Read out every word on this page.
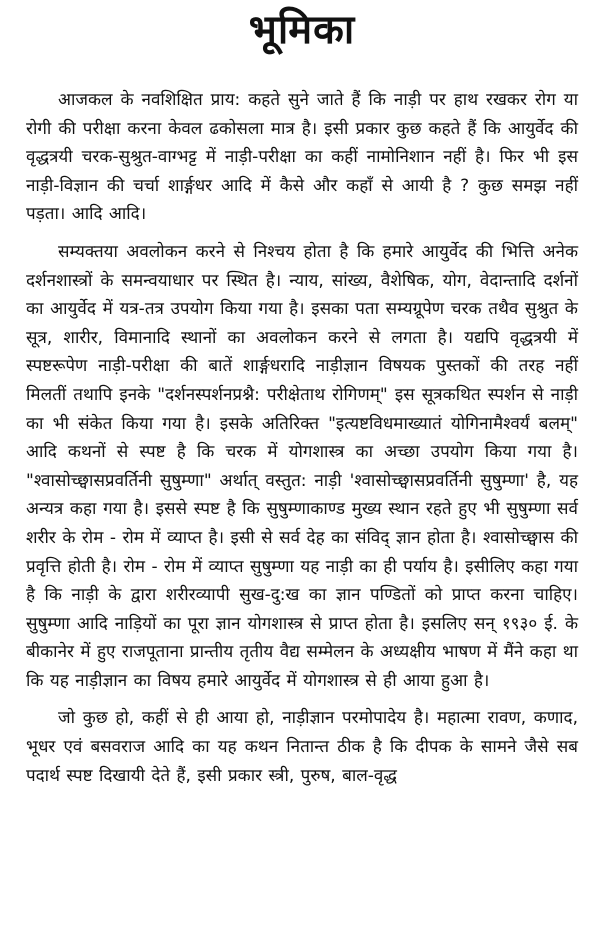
भूमिका

आजकल के नवशिक्षित प्राय: कहते सुने जाते हैं कि नाड़ी पर हाथ रखकर रोग या रोगी की परीक्षा करना केवल ढकोसला मात्र है। इसी प्रकार कुछ कहते हैं कि आयुर्वेद की वृद्धत्रयी चरक-सुश्रुत-वाग्भट्ट में नाड़ी-परीक्षा का कहीं नामोनिशान नहीं है। फिर भी इस नाड़ी-विज्ञान की चर्चा शार्ङ्गधर आदि में कैसे और कहाँ से आयी है ? कुछ समझ नहीं पड़ता। आदि आदि।

सम्यक्तया अवलोकन करने से निश्चय होता है कि हमारे आयुर्वेद की भित्ति अनेक दर्शनशास्त्रों के समन्वयाधार पर स्थित है। न्याय, सांख्य, वैशेषिक, योग, वेदान्तादि दर्शनों का आयुर्वेद में यत्र-तत्र उपयोग किया गया है। इसका पता सम्यग्रूपेण चरक तथैव सुश्रुत के सूत्र, शारीर, विमानादि स्थानों का अवलोकन करने से लगता है। यद्यपि वृद्धत्रयी में स्पष्टरूपेण नाड़ी-परीक्षा की बातें शार्ङ्गधरादि नाड़ीज्ञान विषयक पुस्तकों की तरह नहीं मिलतीं तथापि इनके "दर्शनस्पर्शनप्रश्नै: परीक्षेताथ रोगिणम्" इस सूत्रकथित स्पर्शन से नाड़ी का भी संकेत किया गया है। इसके अतिरिक्त "इत्यष्टविधमाख्यातं योगिनामैश्वर्यं बलम्" आदि कथनों से स्पष्ट है कि चरक में योगशास्त्र का अच्छा उपयोग किया गया है। "श्वासोच्छ्वासप्रवर्तिनी सुषुम्णा" अर्थात् वस्तुत: नाड़ी 'श्वासोच्छ्वासप्रवर्तिनी सुषुम्णा' है, यह अन्यत्र कहा गया है। इससे स्पष्ट है कि सुषुम्णाकाण्ड मुख्य स्थान रहते हुए भी सुषुम्णा सर्व शरीर के रोम - रोम में व्याप्त है। इसी से सर्व देह का संविद् ज्ञान होता है। श्वासोच्छ्वास की प्रवृत्ति होती है। रोम - रोम में व्याप्त सुषुम्णा यह नाड़ी का ही पर्याय है। इसीलिए कहा गया है कि नाड़ी के द्वारा शरीरव्यापी सुख-दु:ख का ज्ञान पण्डितों को प्राप्त करना चाहिए। सुषुम्णा आदि नाड़ियों का पूरा ज्ञान योगशास्त्र से प्राप्त होता है। इसलिए सन् १९३० ई. के बीकानेर में हुए राजपूताना प्रान्तीय तृतीय वैद्य सम्मेलन के अध्यक्षीय भाषण में मैंने कहा था कि यह नाड़ीज्ञान का विषय हमारे आयुर्वेद में योगशास्त्र से ही आया हुआ है।

जो कुछ हो, कहीं से ही आया हो, नाड़ीज्ञान परमोपादेय है। महात्मा रावण, कणाद, भूधर एवं बसवराज आदि का यह कथन नितान्त ठीक है कि दीपक के सामने जैसे सब पदार्थ स्पष्ट दिखायी देते हैं, इसी प्रकार स्त्री, पुरुष, बाल-वृद्ध
